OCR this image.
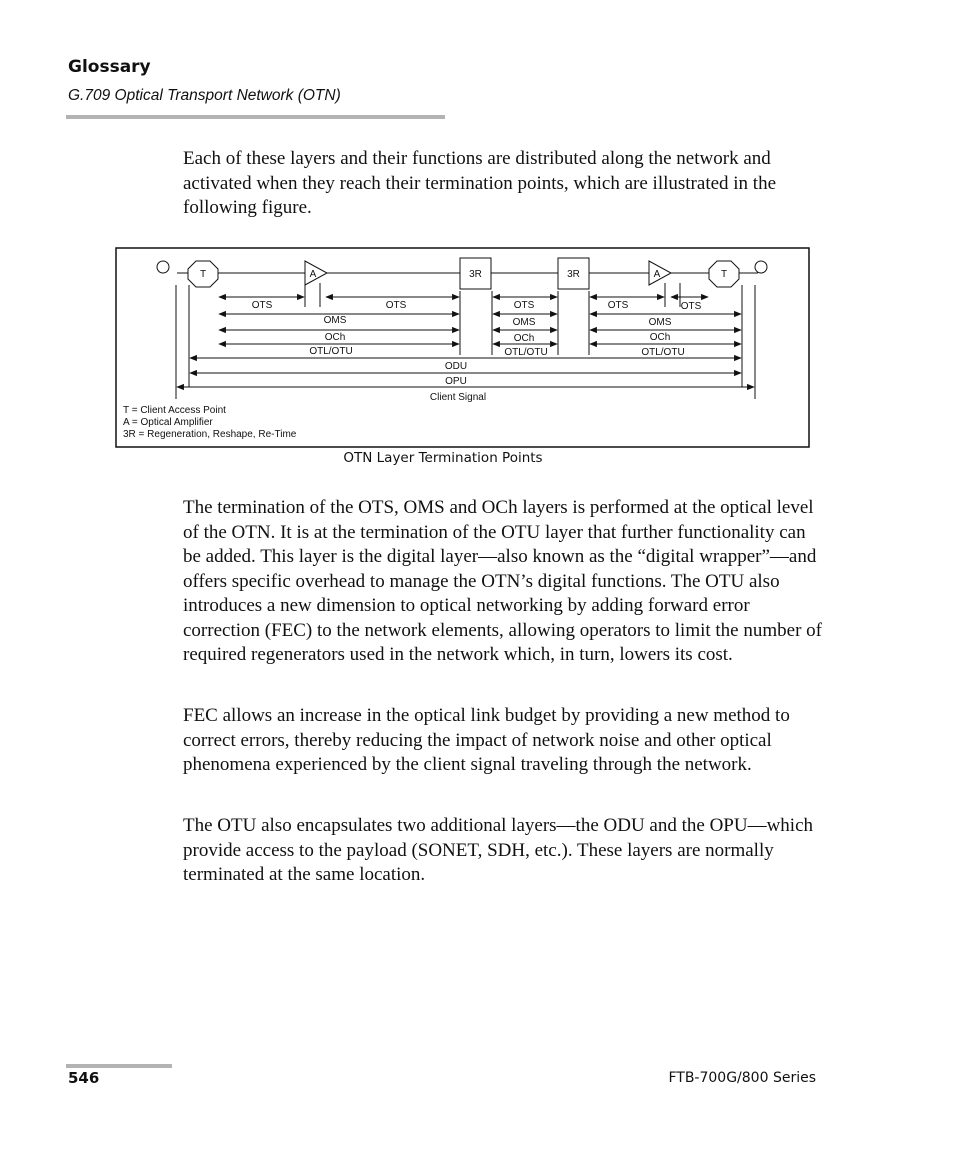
Glossary
G.709 Optical Transport Network (OTN)

Each of these layers and their functions are distributed along the network and activated when they reach their termination points, which are illustrated in the following figure.

T	A	3R	3R	A	T
OTS	OTS	OTS	OTS	OTS
OMS	OMS	OMS
OCh	OCh	OCh
OTL/OTU	OTL/OTU	OTL/OTU
ODU
OPU
Client Signal
T = Client Access Point
A = Optical Amplifier
3R = Regeneration, Reshape, Re-Time
OTN Layer Termination Points

The termination of the OTS, OMS and OCh layers is performed at the optical level of the OTN. It is at the termination of the OTU layer that further functionality can be added. This layer is the digital layer—also known as the “digital wrapper”—and offers specific overhead to manage the OTN’s digital functions. The OTU also introduces a new dimension to optical networking by adding forward error correction (FEC) to the network elements, allowing operators to limit the number of required regenerators used in the network which, in turn, lowers its cost.

FEC allows an increase in the optical link budget by providing a new method to correct errors, thereby reducing the impact of network noise and other optical phenomena experienced by the client signal traveling through the network.

The OTU also encapsulates two additional layers—the ODU and the OPU—which provide access to the payload (SONET, SDH, etc.). These layers are normally terminated at the same location.

546	FTB-700G/800 Series
